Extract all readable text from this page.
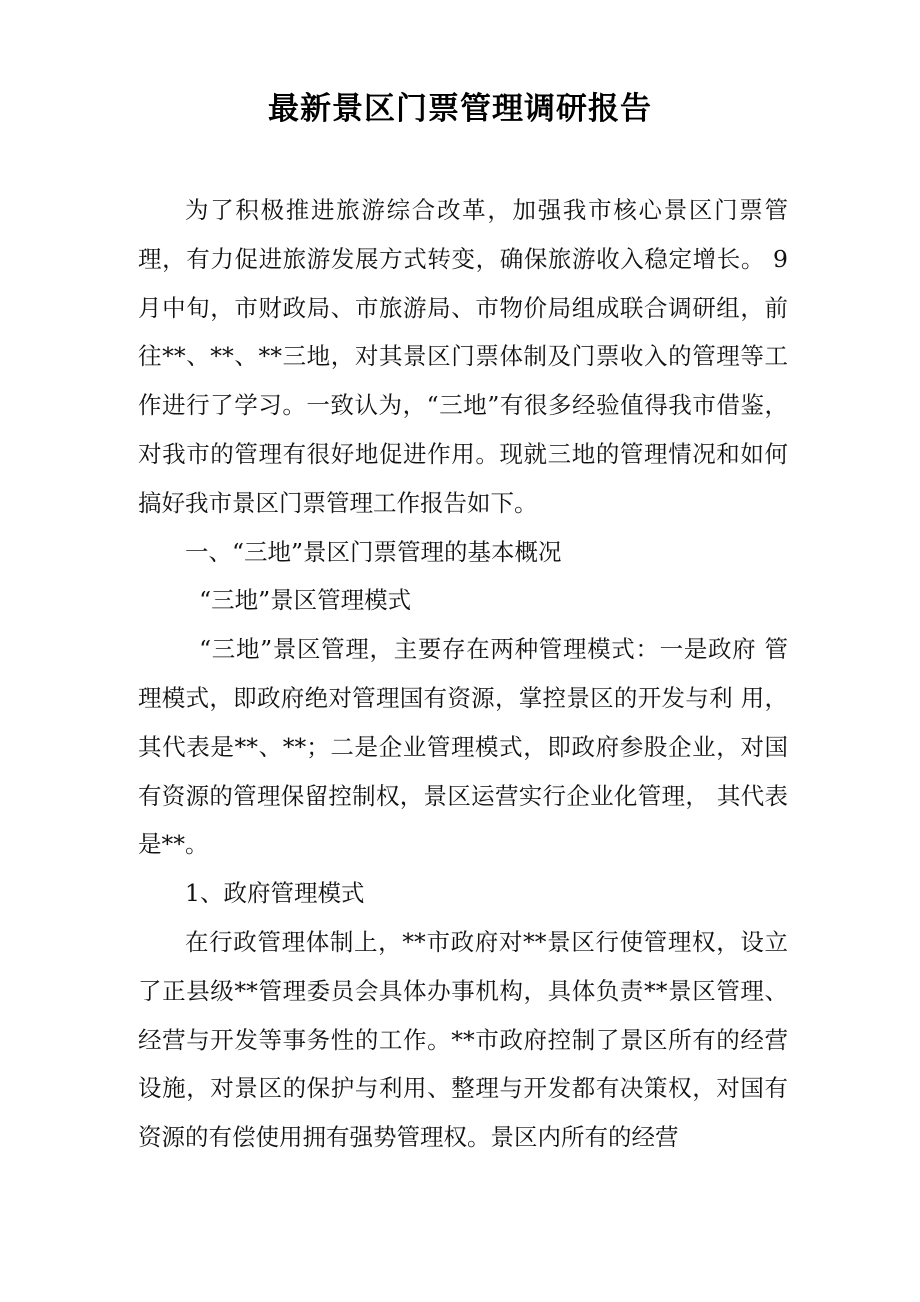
最新景区门票管理调研报告

为了积极推进旅游综合改革，加强我市核心景区门票管理，有力促进旅游发展方式转变，确保旅游收入稳定增长。 9 月中旬，市财政局、市旅游局、市物价局组成联合调研组，前往**、**、**三地，对其景区门票体制及门票收入的管理等工作进行了学习。一致认为，“三地”有很多经验值得我市借鉴，对我市的管理有很好地促进作用。现就三地的管理情况和如何搞好我市景区门票管理工作报告如下。

一、“三地”景区门票管理的基本概况

“三地”景区管理模式

“三地”景区管理，主要存在两种管理模式：一是政府 管理模式，即政府绝对管理国有资源，掌控景区的开发与利 用，其代表是**、**；二是企业管理模式，即政府参股企业，对国有资源的管理保留控制权，景区运营实行企业化管理， 其代表是**。

1、政府管理模式

在行政管理体制上，**市政府对**景区行使管理权，设立了正县级**管理委员会具体办事机构，具体负责**景区管理、经营与开发等事务性的工作。**市政府控制了景区所有的经营设施，对景区的保护与利用、整理与开发都有决策权，对国有资源的有偿使用拥有强势管理权。景区内所有的经营
